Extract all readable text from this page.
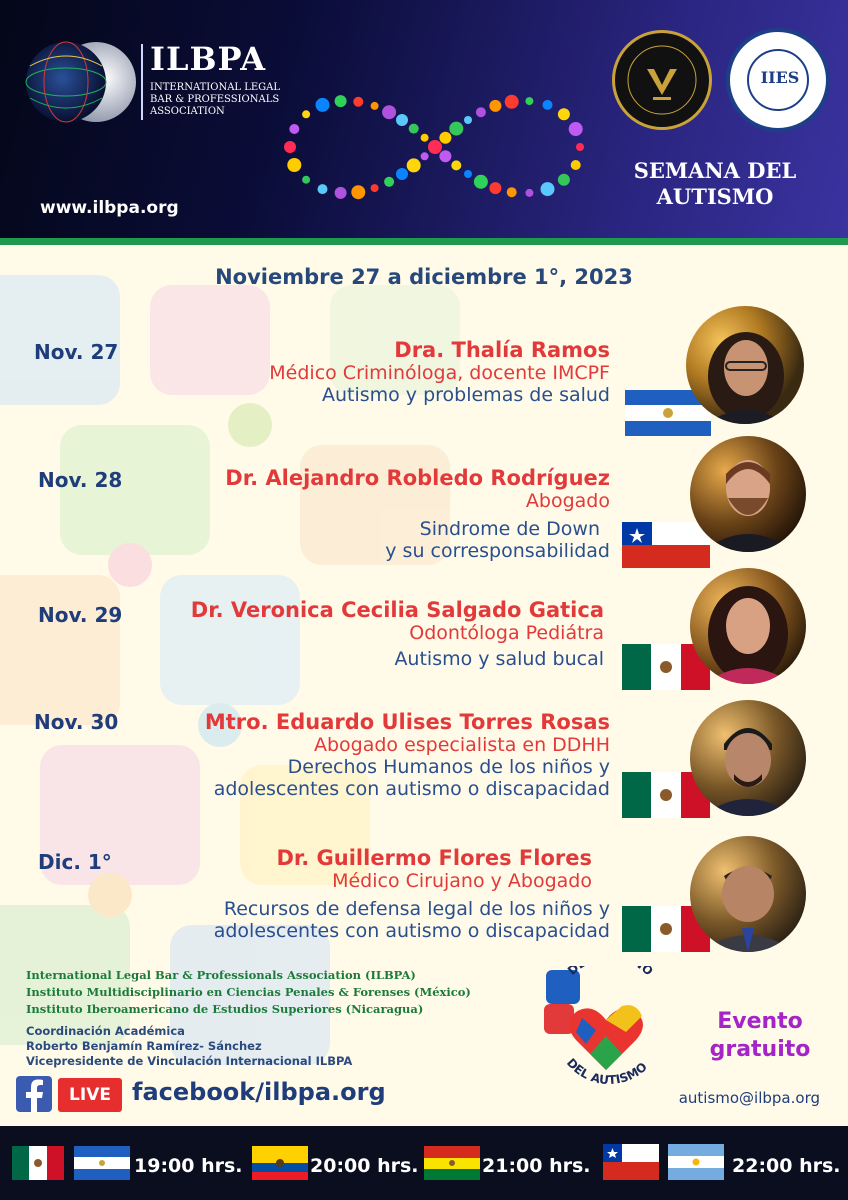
ILBPA
INTERNATIONAL LEGAL
BAR & PROFESSIONALS
ASSOCIATION
www.ilbpa.org
IIES
SEMANA DEL
AUTISMO
Noviembre 27 a diciembre 1°, 2023
Nov. 27	Dra. Thalía Ramos
Médico Criminóloga, docente IMCPF
Autismo y problemas de salud
Nov. 28	Dr. Alejandro Robledo Rodríguez
Abogado
Sindrome de Down
y su corresponsabilidad
Nov. 29	Dr. Veronica Cecilia Salgado Gatica
Odontóloga Pediátra
Autismo y salud bucal
Nov. 30	Mtro. Eduardo Ulises Torres Rosas
Abogado especialista en DDHH
Derechos Humanos de los niños y
adolescentes con autismo o discapacidad
Dic. 1°	Dr. Guillermo Flores Flores
Médico Cirujano y Abogado
Recursos de defensa legal de los niños y
adolescentes con autismo o discapacidad
International Legal Bar & Professionals Association (ILBPA)
Instituto Multidisciplinario en Ciencias Penales & Forenses (México)
Instituto Iberoamericano de Estudios Superiores (Nicaragua)
Coordinación Académica
Roberto Benjamín Ramírez- Sánchez
Vicepresidente de Vinculación Internacional ILBPA
LIVE facebook/ilbpa.org
D O
DEL AUTISMO
Evento
gratuito
autismo@ilbpa.org
19:00 hrs.	20:00 hrs.	21:00 hrs.	22:00 hrs.
